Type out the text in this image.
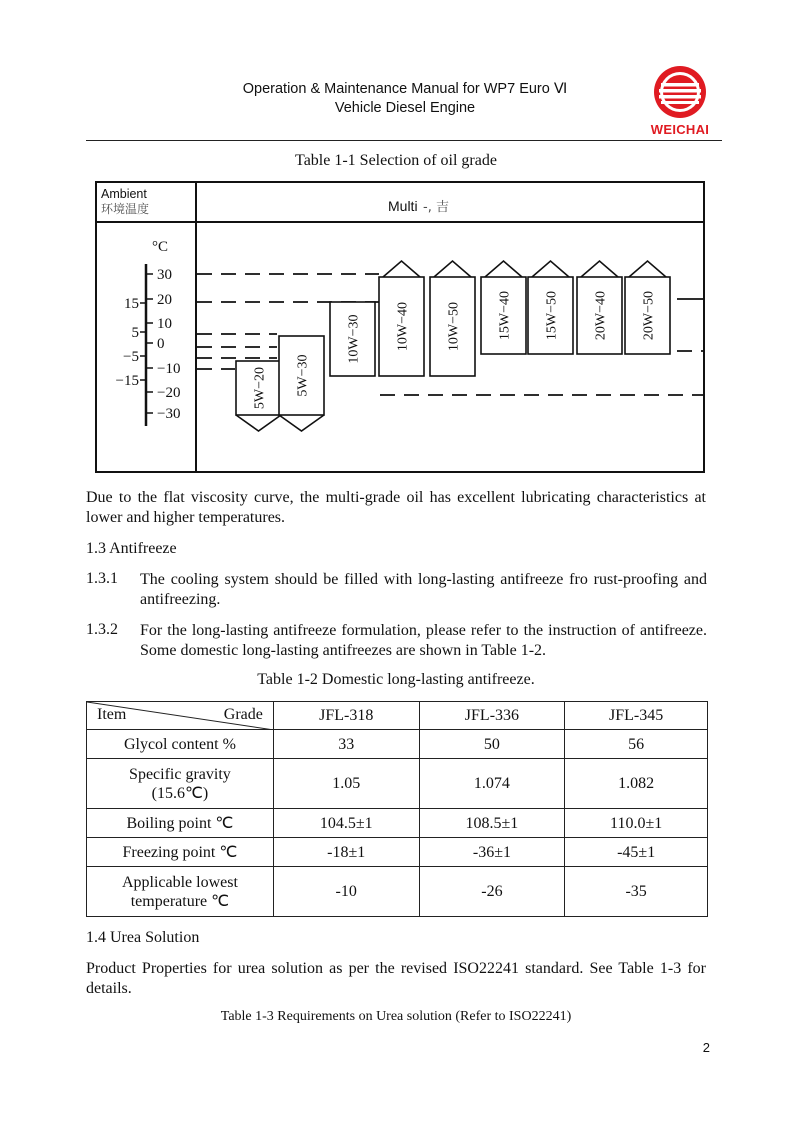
Operation & Maintenance Manual for WP7 Euro Ⅵ
Vehicle Diesel Engine
WEICHAI
Table 1-1 Selection of oil grade
Ambient
环境温度	Multi -, 吉
°C
30
20
10
0
−10
−20
−30
15
5
−5
−15	5W−20 5W−30
10W−30 10W−40	10W−50	15W−40 15W−50 20W−40 20W−50
Due to the flat viscosity curve, the multi-grade oil has excellent lubricating characteristics at lower and higher temperatures.
1.3 Antifreeze
1.3.1 The cooling system should be filled with long-lasting antifreeze fro rust-proofing and antifreezing.
1.3.2 For the long-lasting antifreeze formulation, please refer to the instruction of antifreeze. Some domestic long-lasting antifreezes are shown in Table 1-2.
Table 1-2 Domestic long-lasting antifreeze.
Item Grade	JFL-318	JFL-336	JFL-345
Glycol content %	33	50	56

Specific gravity (15.6℃)	1.05	1.074	1.082
Boiling point ℃	104.5±1	108.5±1	110.0±1
Freezing point ℃	-18±1	-36±1	-45±1

Applicable lowest temperature ℃	-10	-26	-35
1.4 Urea Solution
Product Properties for urea solution as per the revised ISO22241 standard. See Table 1-3 for details.
Table 1-3 Requirements on Urea solution (Refer to ISO22241)
2
